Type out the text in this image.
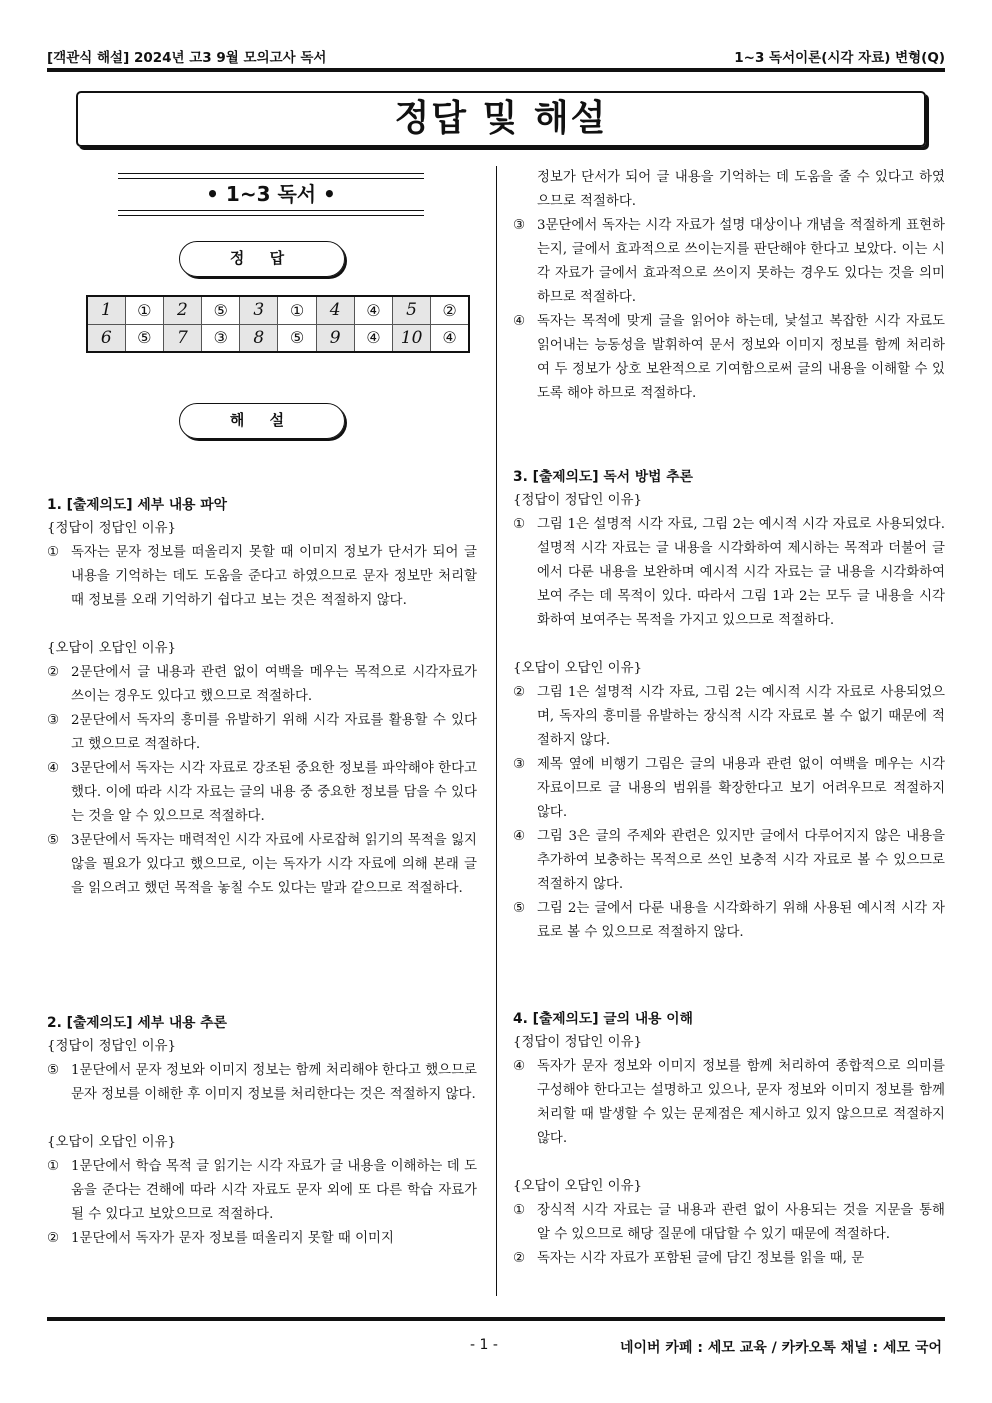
[객관식 해설] 2024년 고3 9월 모의고사 독서	1~3 독서이론(시각 자료) 변형(Q)
정답 및 해설
• 1~3 독서 •
정 답
1	①	2	⑤	3	①	4	④	5	②
6	⑤	7	③	8	⑤	9	④	10	④
해 설
1. [출제의도] 세부 내용 파악
{정답이 정답인 이유}
① 독자는 문자 정보를 떠올리지 못할 때 이미지 정보가 단서가 되어 글 내용을 기억하는 데도 도움을 준다고 하였으므로 문자 정보만 처리할 때 정보를 오래 기억하기 쉽다고 보는 것은 적절하지 않다.
{오답이 오답인 이유}
② 2문단에서 글 내용과 관련 없이 여백을 메우는 목적으로 시각자료가 쓰이는 경우도 있다고 했으므로 적절하다.
③ 2문단에서 독자의 흥미를 유발하기 위해 시각 자료를 활용할 수 있다고 했으므로 적절하다.
④ 3문단에서 독자는 시각 자료로 강조된 중요한 정보를 파악해야 한다고 했다. 이에 따라 시각 자료는 글의 내용 중 중요한 정보를 담을 수 있다는 것을 알 수 있으므로 적절하다.
⑤ 3문단에서 독자는 매력적인 시각 자료에 사로잡혀 읽기의 목적을 잃지 않을 필요가 있다고 했으므로, 이는 독자가 시각 자료에 의해 본래 글을 읽으려고 했던 목적을 놓칠 수도 있다는 말과 같으므로 적절하다.
2. [출제의도] 세부 내용 추론
{정답이 정답인 이유}
⑤ 1문단에서 문자 정보와 이미지 정보는 함께 처리해야 한다고 했으므로 문자 정보를 이해한 후 이미지 정보를 처리한다는 것은 적절하지 않다.
{오답이 오답인 이유}
① 1문단에서 학습 목적 글 읽기는 시각 자료가 글 내용을 이해하는 데 도움을 준다는 견해에 따라 시각 자료도 문자 외에 또 다른 학습 자료가 될 수 있다고 보았으므로 적절하다.
② 1문단에서 독자가 문자 정보를 떠올리지 못할 때 이미지
정보가 단서가 되어 글 내용을 기억하는 데 도움을 줄 수 있다고 하였으므로 적절하다.
③ 3문단에서 독자는 시각 자료가 설명 대상이나 개념을 적절하게 표현하는지, 글에서 효과적으로 쓰이는지를 판단해야 한다고 보았다. 이는 시각 자료가 글에서 효과적으로 쓰이지 못하는 경우도 있다는 것을 의미하므로 적절하다.
④ 독자는 목적에 맞게 글을 읽어야 하는데, 낯설고 복잡한 시각 자료도 읽어내는 능동성을 발휘하여 문서 정보와 이미지 정보를 함께 처리하여 두 정보가 상호 보완적으로 기여함으로써 글의 내용을 이해할 수 있도록 해야 하므로 적절하다.
3. [출제의도] 독서 방법 추론
{정답이 정답인 이유}
① 그림 1은 설명적 시각 자료, 그림 2는 예시적 시각 자료로 사용되었다. 설명적 시각 자료는 글 내용을 시각화하여 제시하는 목적과 더불어 글에서 다룬 내용을 보완하며 예시적 시각 자료는 글 내용을 시각화하여 보여 주는 데 목적이 있다. 따라서 그림 1과 2는 모두 글 내용을 시각화하여 보여주는 목적을 가지고 있으므로 적절하다.
{오답이 오답인 이유}
② 그림 1은 설명적 시각 자료, 그림 2는 예시적 시각 자료로 사용되었으며, 독자의 흥미를 유발하는 장식적 시각 자료로 볼 수 없기 때문에 적절하지 않다.
③ 제목 옆에 비행기 그림은 글의 내용과 관련 없이 여백을 메우는 시각 자료이므로 글 내용의 범위를 확장한다고 보기 어려우므로 적절하지 않다.
④ 그림 3은 글의 주제와 관련은 있지만 글에서 다루어지지 않은 내용을 추가하여 보충하는 목적으로 쓰인 보충적 시각 자료로 볼 수 있으므로 적절하지 않다.
⑤ 그림 2는 글에서 다룬 내용을 시각화하기 위해 사용된 예시적 시각 자료로 볼 수 있으므로 적절하지 않다.
4. [출제의도] 글의 내용 이해
{정답이 정답인 이유}
④ 독자가 문자 정보와 이미지 정보를 함께 처리하여 종합적으로 의미를 구성해야 한다고는 설명하고 있으나, 문자 정보와 이미지 정보를 함께 처리할 때 발생할 수 있는 문제점은 제시하고 있지 않으므로 적절하지 않다.
{오답이 오답인 이유}
① 장식적 시각 자료는 글 내용과 관련 없이 사용되는 것을 지문을 통해 알 수 있으므로 해당 질문에 대답할 수 있기 때문에 적절하다.
② 독자는 시각 자료가 포함된 글에 담긴 정보를 읽을 때, 문
- 1 -	네이버 카페 : 세모 교육 / 카카오톡 채널 : 세모 국어
